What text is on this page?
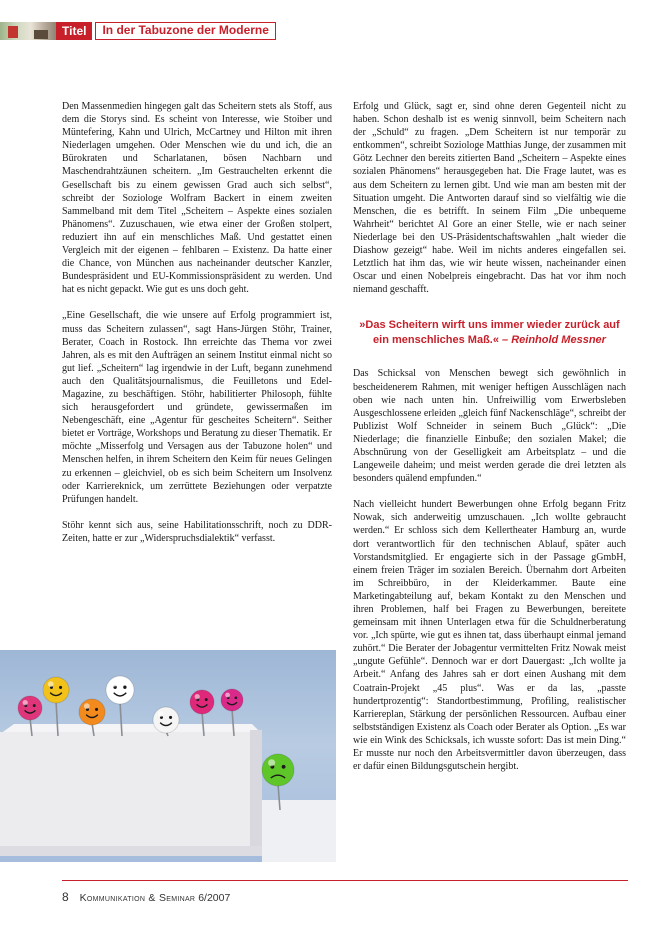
Titel	In der Tabuzone der Moderne

Den Massenmedien hingegen galt das Scheitern stets als Stoff, aus dem die Storys sind. Es scheint von Interesse, wie Stoiber und Müntefering, Kahn und Ulrich, McCartney und Hilton mit ihren Niederlagen umgehen. Oder Menschen wie du und ich, die an Bürokraten und Scharlatanen, bösen Nachbarn und Maschendrahtzäunen scheitern. „Im Gestrauchelten erkennt die Gesellschaft bis zu einem gewissen Grad auch sich selbst“, schreibt der Soziologe Wolfram Backert in einem zweiten Sammelband mit dem Titel „Scheitern – Aspekte eines sozialen Phänomens“. Zuzuschauen, wie etwa einer der Großen stolpert, reduziert ihn auf ein menschliches Maß. Und gestattet einen Vergleich mit der eigenen – fehlbaren – Existenz. Da hatte einer die Chance, von München aus nacheinander deutscher Kanzler, Bundespräsident und EU-Kommissionspräsident zu werden. Und hat es nicht gepackt. Wie gut es uns doch geht.

„Eine Gesellschaft, die wie unsere auf Erfolg programmiert ist, muss das Scheitern zulassen“, sagt Hans-Jürgen Stöhr, Trainer, Berater, Coach in Rostock. Ihn erreichte das Thema vor zwei Jahren, als es mit den Aufträgen an seinem Institut einmal nicht so gut lief. „Scheitern“ lag irgendwie in der Luft, begann zunehmend auch den Qualitätsjournalismus, die Feuilletons und Edel-Magazine, zu beschäftigen. Stöhr, habilitierter Philosoph, fühlte sich herausgefordert und gründete, gewissermaßen im Nebengeschäft, eine „Agentur für gescheites Scheitern“. Seither bietet er Vorträge, Workshops und Beratung zu dieser Thematik. Er möchte „Misserfolg und Versagen aus der Tabuzone holen“ und Menschen helfen, in ihrem Scheitern den Keim für neues Gelingen zu erkennen – gleichviel, ob es sich beim Scheitern um Insolvenz oder Karriereknick, um zerrüttete Beziehungen oder verpatzte Prüfungen handelt.

Stöhr kennt sich aus, seine Habilitationsschrift, noch zu DDR-Zeiten, hatte er zur „Widerspruchsdialektik“ verfasst.

Erfolg und Glück, sagt er, sind ohne deren Gegenteil nicht zu haben. Schon deshalb ist es wenig sinnvoll, beim Scheitern nach der „Schuld“ zu fragen. „Dem Scheitern ist nur temporär zu entkommen“, schreibt Soziologe Matthias Junge, der zusammen mit Götz Lechner den bereits zitierten Band „Scheitern – Aspekte eines sozialen Phänomens“ herausgegeben hat. Die Frage lautet, was es aus dem Scheitern zu lernen gibt. Und wie man am besten mit der Situation umgeht. Die Antworten darauf sind so vielfältig wie die Menschen, die es betrifft. In seinem Film „Die unbequeme Wahrheit“ berichtet Al Gore an einer Stelle, wie er nach seiner Niederlage bei den US-Präsidentschaftswahlen „halt wieder die Diashow gezeigt“ habe. Weil im nichts anderes eingefallen sei. Letztlich hat ihm das, wie wir heute wissen, nacheinander einen Oscar und einen Nobelpreis eingebracht. Das hat vor ihm noch niemand geschafft.

»Das Scheitern wirft uns immer wieder zurück auf ein menschliches Maß.« – Reinhold Messner

Das Schicksal von Menschen bewegt sich gewöhnlich in bescheidenerem Rahmen, mit weniger heftigen Ausschlägen nach oben wie nach unten hin. Unfreiwillig vom Erwerbsleben Ausgeschlossene erleiden „gleich fünf Nackenschläge“, schreibt der Publizist Wolf Schneider in seinem Buch „Glück“: „Die Niederlage; die finanzielle Einbuße; den sozialen Makel; die Abschnürung von der Geselligkeit am Arbeitsplatz – und die Langeweile daheim; und meist werden gerade die drei letzten als besonders quälend empfunden.“

Nach vielleicht hundert Bewerbungen ohne Erfolg begann Fritz Nowak, sich anderweitig umzuschauen. „Ich wollte gebraucht werden.“ Er schloss sich dem Kellertheater Hamburg an, wurde dort verantwortlich für den technischen Ablauf, später auch Vorstandsmitglied. Er engagierte sich in der Passage gGmbH, einem freien Träger im sozialen Bereich. Übernahm dort Arbeiten im Schreibbüro, in der Kleiderkammer. Baute eine Marketingabteilung auf, bekam Kontakt zu den Menschen und ihren Problemen, half bei Fragen zu Bewerbungen, bereitete gemeinsam mit ihnen Unterlagen etwa für die Schuldnerberatung vor. „Ich spürte, wie gut es ihnen tat, dass überhaupt einmal jemand zuhört.“ Die Berater der Jobagentur vermittelten Fritz Nowak meist „ungute Gefühle“. Dennoch war er dort Dauergast: „Ich wollte ja Arbeit.“ Anfang des Jahres sah er dort einen Aushang mit dem Coatrain-Projekt „45 plus“. Was er da las, „passte hundertprozentig“: Standortbestimmung, Profiling, realistischer Karriereplan, Stärkung der persönlichen Ressourcen. Aufbau einer selbstständigen Existenz als Coach oder Berater als Option. „Es war wie ein Wink des Schicksals, ich wusste sofort: Das ist mein Ding.“ Er musste nur noch den Arbeitsvermittler davon überzeugen, dass er dafür einen Bildungsgutschein hergibt.

8 Kommunikation & Seminar 6/2007
